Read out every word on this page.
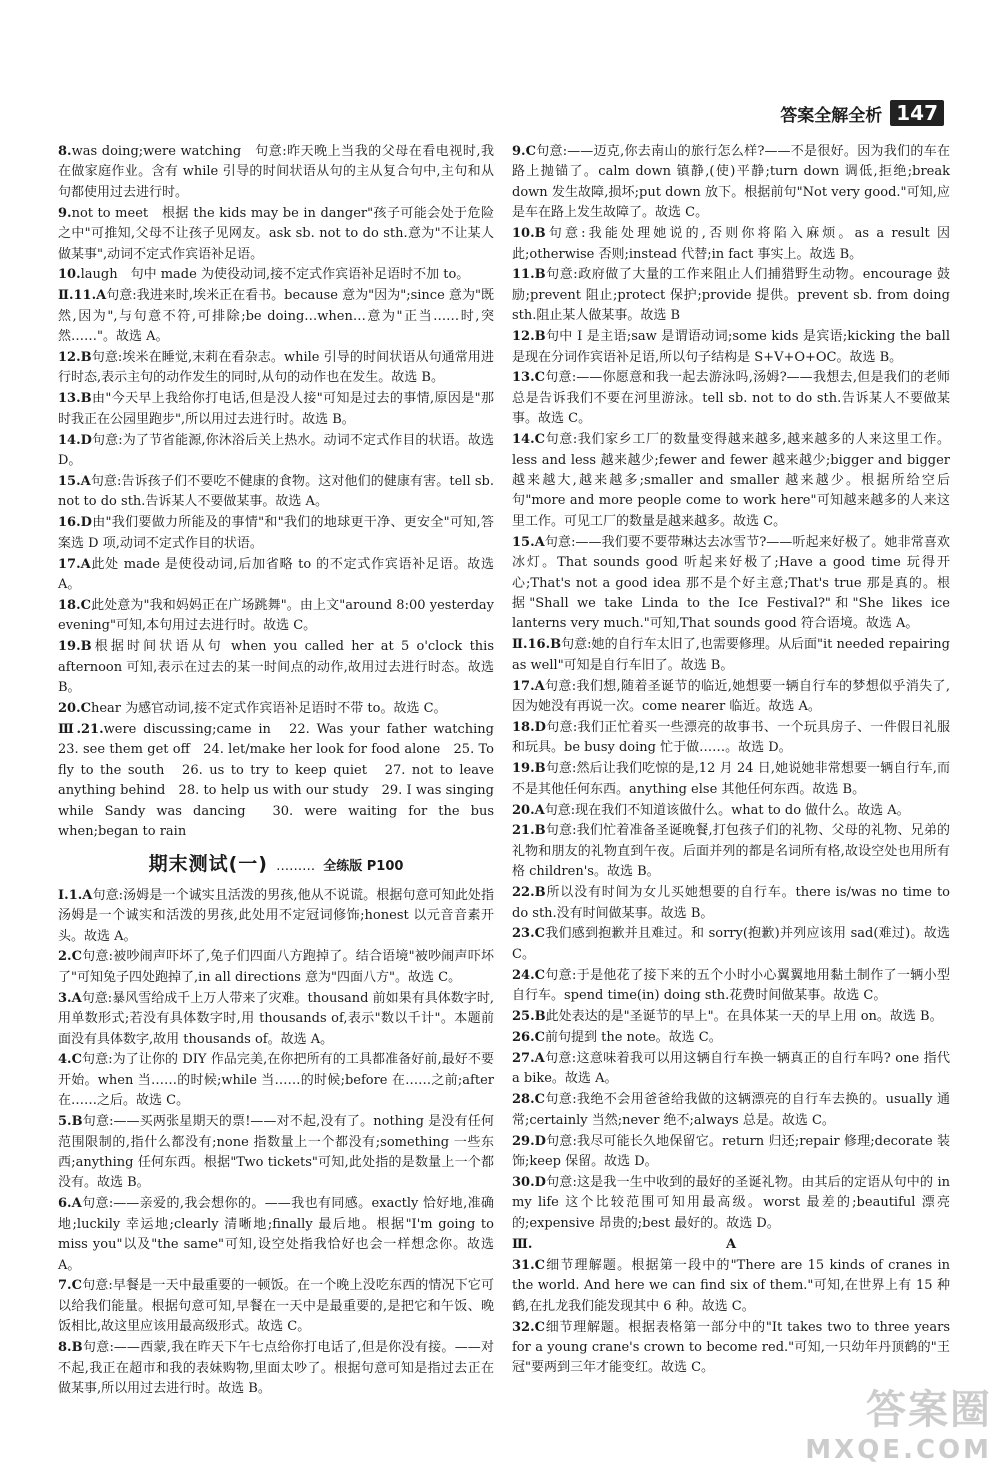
答案全解全析 147
8.was doing;were watching　句意:昨天晚上当我的父母在看电视时,我在做家庭作业。含有 while 引导的时间状语从句的主从复合句中,主句和从句都使用过去进行时。
9.not to meet　根据 the kids may be in danger"孩子可能会处于危险之中"可推知,父母不让孩子见网友。ask sb. not to do sth.意为"不让某人做某事",动词不定式作宾语补足语。
10.laugh　句中 made 为使役动词,接不定式作宾语补足语时不加 to。
Ⅱ.11.A句意:我进来时,埃米正在看书。because 意为"因为";since 意为"既然,因为",与句意不符,可排除;be doing…when…意为"正当……时,突然……"。故选 A。
12.B句意:埃米在睡觉,末莉在看杂志。while 引导的时间状语从句通常用进行时态,表示主句的动作发生的同时,从句的动作也在发生。故选 B。
13.B由"今天早上我给你打电话,但是没人接"可知是过去的事情,原因是"那时我正在公园里跑步",所以用过去进行时。故选 B。
14.D句意:为了节省能源,你沐浴后关上热水。动词不定式作目的状语。故选 D。
15.A句意:告诉孩子们不要吃不健康的食物。这对他们的健康有害。tell sb. not to do sth.告诉某人不要做某事。故选 A。
16.D由"我们要做力所能及的事情"和"我们的地球更干净、更安全"可知,答案选 D 项,动词不定式作目的状语。
17.A此处 made 是使役动词,后加省略 to 的不定式作宾语补足语。故选 A。
18.C此处意为"我和妈妈正在广场跳舞"。由上文"around 8:00 yesterday evening"可知,本句用过去进行时。故选 C。
19.B根据时间状语从句 when you called her at 5 o'clock this afternoon 可知,表示在过去的某一时间点的动作,故用过去进行时态。故选 B。
20.Chear 为感官动词,接不定式作宾语补足语时不带 to。故选 C。
Ⅲ.21.were discussing;came in　22. Was your father watching　23. see them get off　24. let/make her look for food alone　25. To fly to the south　26. us to try to keep quiet　27. not to leave anything behind　28. to help us with our study　29. I was singing while Sandy was dancing　30. were waiting for the bus when;began to rain
期末测试(一) ……… 全练版 P100
Ⅰ.1.A句意:汤姆是一个诚实且活泼的男孩,他从不说谎。根据句意可知此处指汤姆是一个诚实和活泼的男孩,此处用不定冠词修饰;honest 以元音音素开头。故选 A。
2.C句意:被吵闹声吓坏了,兔子们四面八方跑掉了。结合语境"被吵闹声吓坏了"可知兔子四处跑掉了,in all directions 意为"四面八方"。故选 C。
3.A句意:暴风雪给成千上万人带来了灾难。thousand 前如果有具体数字时,用单数形式;若没有具体数字时,用 thousands of,表示"数以千计"。本题前面没有具体数字,故用 thousands of。故选 A。
4.C句意:为了让你的 DIY 作品完美,在你把所有的工具都准备好前,最好不要开始。when 当……的时候;while 当……的时候;before 在……之前;after 在……之后。故选 C。
5.B句意:——买两张星期天的票!——对不起,没有了。nothing 是没有任何范围限制的,指什么都没有;none 指数量上一个都没有;something 一些东西;anything 任何东西。根据"Two tickets"可知,此处指的是数量上一个都没有。故选 B。
6.A句意:——亲爱的,我会想你的。——我也有同感。exactly 恰好地,准确地;luckily 幸运地;clearly 清晰地;finally 最后地。根据"I'm going to miss you"以及"the same"可知,设空处指我恰好也会一样想念你。故选 A。
7.C句意:早餐是一天中最重要的一顿饭。在一个晚上没吃东西的情况下它可以给我们能量。根据句意可知,早餐在一天中是最重要的,是把它和午饭、晚饭相比,故这里应该用最高级形式。故选 C。
8.B句意:——西蒙,我在昨天下午七点给你打电话了,但是你没有接。——对不起,我正在超市和我的表妹购物,里面太吵了。根据句意可知是指过去正在做某事,所以用过去进行时。故选 B。
9.C句意:——迈克,你去南山的旅行怎么样?——不是很好。因为我们的车在路上抛锚了。calm down 镇静,(使)平静;turn down 调低,拒绝;break down 发生故障,损坏;put down 放下。根据前句"Not very good."可知,应是车在路上发生故障了。故选 C。
10.B句意:我能处理她说的,否则你将陷入麻烦。as a result 因此;otherwise 否则;instead 代替;in fact 事实上。故选 B。
11.B句意:政府做了大量的工作来阻止人们捕猎野生动物。encourage 鼓励;prevent 阻止;protect 保护;provide 提供。prevent sb. from doing sth.阻止某人做某事。故选 B
12.B句中 I 是主语;saw 是谓语动词;some kids 是宾语;kicking the ball 是现在分词作宾语补足语,所以句子结构是 S+V+O+OC。故选 B。
13.C句意:——你愿意和我一起去游泳吗,汤姆?——我想去,但是我们的老师总是告诉我们不要在河里游泳。tell sb. not to do sth.告诉某人不要做某事。故选 C。
14.C句意:我们家乡工厂的数量变得越来越多,越来越多的人来这里工作。less and less 越来越少;fewer and fewer 越来越少;bigger and bigger 越来越大,越来越多;smaller and smaller 越来越少。根据所给空后句"more and more people come to work here"可知越来越多的人来这里工作。可见工厂的数量是越来越多。故选 C。
15.A句意:——我们要不要带琳达去冰雪节?——听起来好极了。她非常喜欢冰灯。That sounds good 听起来好极了;Have a good time 玩得开心;That's not a good idea 那不是个好主意;That's true 那是真的。根据"Shall we take Linda to the Ice Festival?"和"She likes ice lanterns very much."可知,That sounds good 符合语境。故选 A。
Ⅱ.16.B句意:她的自行车太旧了,也需要修理。从后面"it needed repairing as well"可知是自行车旧了。故选 B。
17.A句意:我们想,随着圣诞节的临近,她想要一辆自行车的梦想似乎消失了,因为她没有再说一次。come nearer 临近。故选 A。
18.D句意:我们正忙着买一些漂亮的故事书、一个玩具房子、一件假日礼服和玩具。be busy doing 忙于做……。故选 D。
19.B句意:然后让我们吃惊的是,12 月 24 日,她说她非常想要一辆自行车,而不是其他任何东西。anything else 其他任何东西。故选 B。
20.A句意:现在我们不知道该做什么。what to do 做什么。故选 A。
21.B句意:我们忙着准备圣诞晚餐,打包孩子们的礼物、父母的礼物、兄弟的礼物和朋友的礼物直到午夜。后面并列的都是名词所有格,故设空处也用所有格 children's。故选 B。
22.B所以没有时间为女儿买她想要的自行车。there is/was no time to do sth.没有时间做某事。故选 B。
23.C我们感到抱歉并且难过。和 sorry(抱歉)并列应该用 sad(难过)。故选 C。
24.C句意:于是他花了接下来的五个小时小心翼翼地用黏土制作了一辆小型自行车。spend time(in) doing sth.花费时间做某事。故选 C。
25.B此处表达的是"圣诞节的早上"。在具体某一天的早上用 on。故选 B。
26.C前句提到 the note。故选 C。
27.A句意:这意味着我可以用这辆自行车换一辆真正的自行车吗? one 指代 a bike。故选 A。
28.C句意:我绝不会用爸爸给我做的这辆漂亮的自行车去换的。usually 通常;certainly 当然;never 绝不;always 总是。故选 C。
29.D句意:我尽可能长久地保留它。return 归还;repair 修理;decorate 装饰;keep 保留。故选 D。
30.D句意:这是我一生中收到的最好的圣诞礼物。由其后的定语从句中的 in my life 这个比较范围可知用最高级。worst 最差的;beautiful 漂亮的;expensive 昂贵的;best 最好的。故选 D。
Ⅲ.	A
31.C细节理解题。根据第一段中的"There are 15 kinds of cranes in the world. And here we can find six of them."可知,在世界上有 15 种鹤,在扎龙我们能发现其中 6 种。故选 C。
32.C细节理解题。根据表格第一部分中的"It takes two to three years for a young crane's crown to become red."可知,一只幼年丹顶鹤的"王冠"要两到三年才能变红。故选 C。
答案圈
MXQE.COM
